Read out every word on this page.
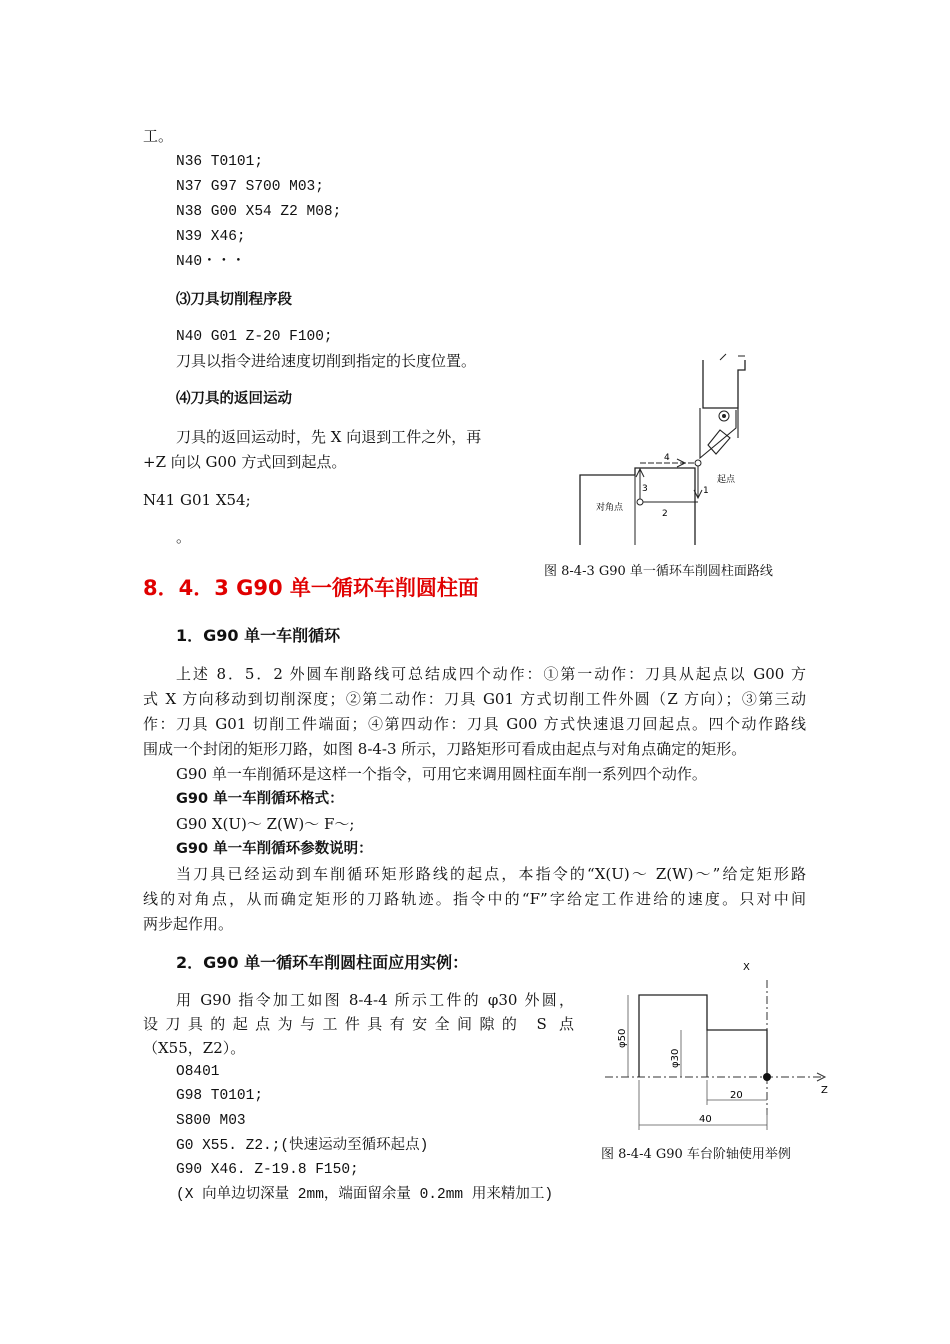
工。
N36 T0101;
N37 G97 S700 M03;
N38 G00 X54 Z2 M08;
N39 X46;
N40・・・
⑶刀具切削程序段
N40 G01 Z-20 F100;
刀具以指令进给速度切削到指定的长度位置。
⑷刀具的返回运动
刀具的返回运动时，先 X 向退到工件之外，再
+Z 向以 G00 方式回到起点。
N41 G01 X54;
。
4
1
2
3
起点
对角点
图 8-4-3 G90 单一循环车削圆柱面路线
8．4．3 G90 单一循环车削圆柱面
1．G90 单一车削循环
上述 8．5．2 外圆车削路线可总结成四个动作：①第一动作：刀具从起点以 G00 方
式 X 方向移动到切削深度；②第二动作：刀具 G01 方式切削工件外圆（Z 方向）；③第三动
作：刀具 G01 切削工件端面；④第四动作：刀具 G00 方式快速退刀回起点。四个动作路线
围成一个封闭的矩形刀路，如图 8-4-3 所示，刀路矩形可看成由起点与对角点确定的矩形。
G90 单一车削循环是这样一个指令，可用它来调用圆柱面车削一系列四个动作。
G90 单一车削循环格式：
G90 X(U)～ Z(W)～ F～;
G90 单一车削循环参数说明：
当刀具已经运动到车削循环矩形路线的起点，本指令的“X(U)～ Z(W)～”给定矩形路
线的对角点，从而确定矩形的刀路轨迹。指令中的“F”字给定工作进给的速度。只对中间
两步起作用。
2．G90 单一循环车削圆柱面应用实例：
用 G90 指令加工如图 8-4-4 所示工件的 φ30 外圆，
设刀具的起点为与工件具有安全间隙的 S 点
（X55，Z2）。
O8401
G98 T0101;
S800 M03
G0 X55. Z2.;(快速运动至循环起点)
G90 X46. Z-19.8 F150;
(X 向单边切深量 2mm，端面留余量 0.2mm 用来精加工)
X
Z
φ50
φ30
20
40
图 8-4-4 G90 车台阶轴使用举例
